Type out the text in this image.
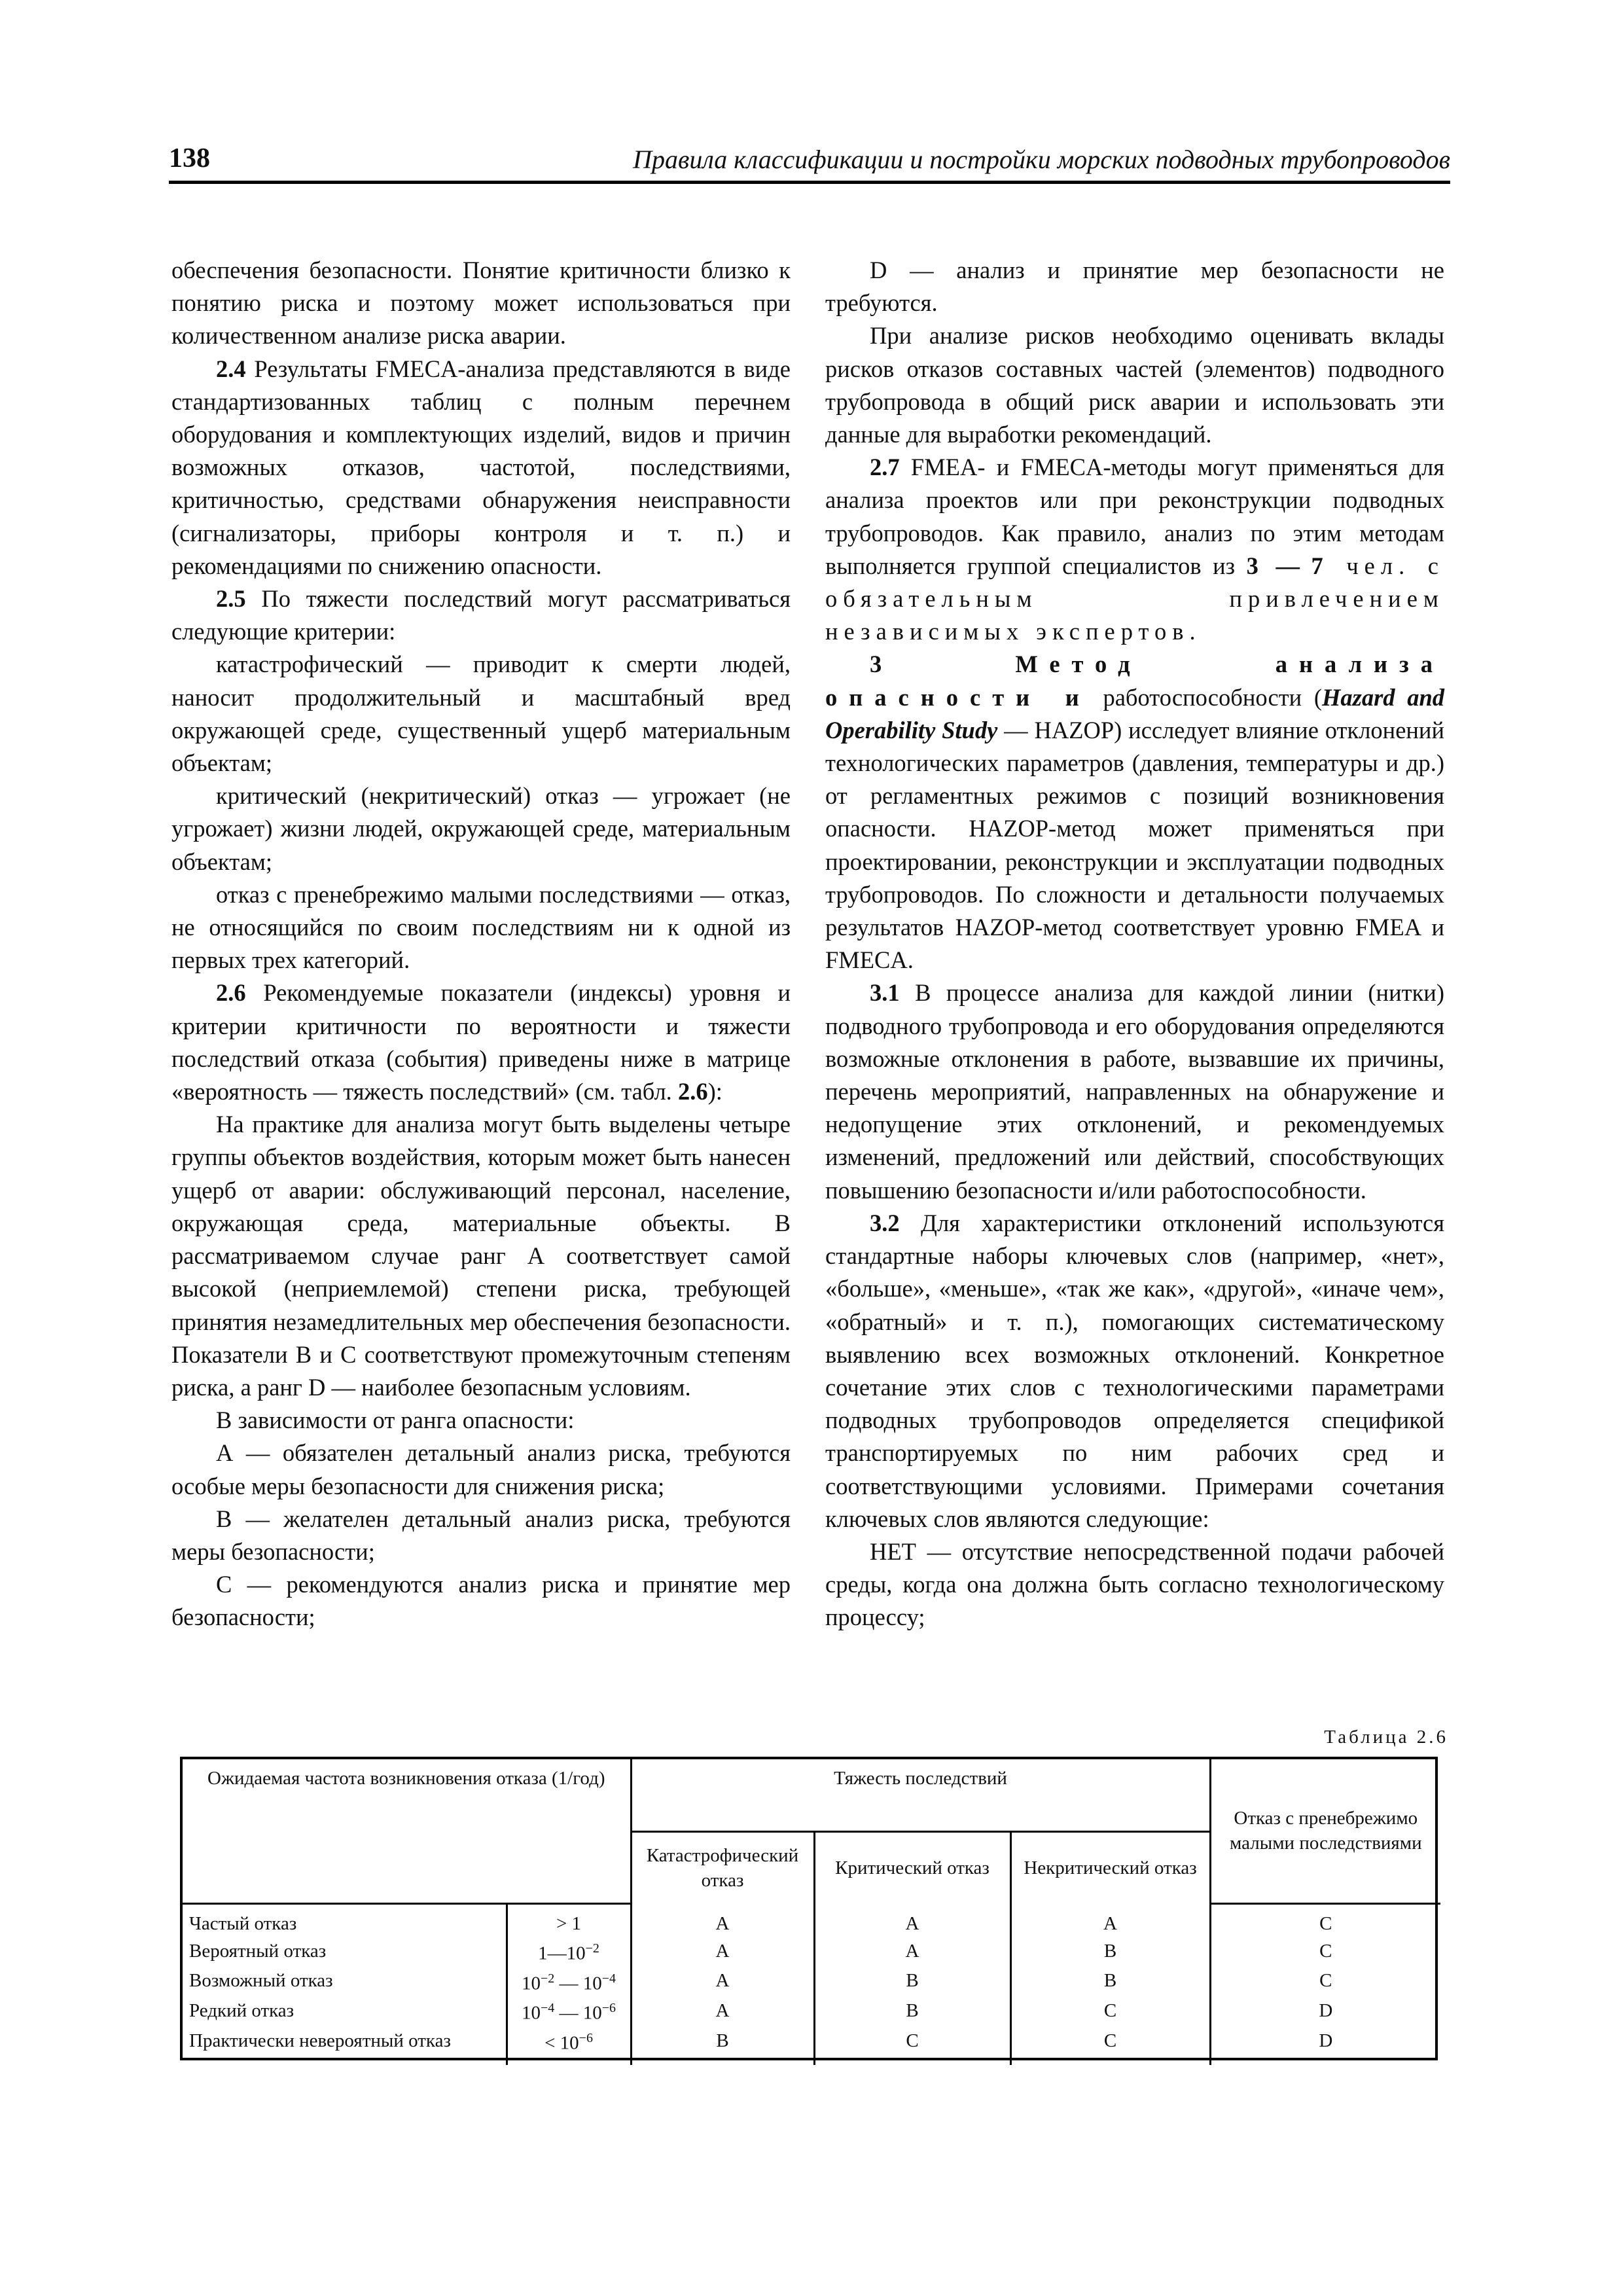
138	Правила классификации и постройки морских подводных трубопроводов

обеспечения безопасности. Понятие критичности близко к понятию риска и поэтому может использоваться при количественном анализе риска аварии.

2.4 Результаты FMECA-анализа представляются в виде стандартизованных таблиц с полным перечнем оборудования и комплектующих изделий, видов и причин возможных отказов, частотой, последствиями, критичностью, средствами обнаружения неисправности (сигнализаторы, приборы контроля и т. п.) и рекомендациями по снижению опасности.

2.5 По тяжести последствий могут рассматриваться следующие критерии:

катастрофический — приводит к смерти людей, наносит продолжительный и масштабный вред окружающей среде, существенный ущерб материальным объектам;

критический (некритический) отказ — угрожает (не угрожает) жизни людей, окружающей среде, материальным объектам;

отказ с пренебрежимо малыми последствиями — отказ, не относящийся по своим последствиям ни к одной из первых трех категорий.

2.6 Рекомендуемые показатели (индексы) уровня и критерии критичности по вероятности и тяжести последствий отказа (события) приведены ниже в матрице «вероятность — тяжесть последствий» (см. табл. 2.6):

На практике для анализа могут быть выделены четыре группы объектов воздействия, которым может быть нанесен ущерб от аварии: обслуживающий персонал, население, окружающая среда, материальные объекты. В рассматриваемом случае ранг А соответствует самой высокой (неприемлемой) степени риска, требующей принятия незамедлительных мер обеспечения безопасности. Показатели В и С соответствуют промежуточным степеням риска, а ранг D — наиболее безопасным условиям.

В зависимости от ранга опасности:

А — обязателен детальный анализ риска, требуются особые меры безопасности для снижения риска;

В — желателен детальный анализ риска, требуются меры безопасности;

С — рекомендуются анализ риска и принятие мер безопасности;

D — анализ и принятие мер безопасности не требуются.

При анализе рисков необходимо оценивать вклады рисков отказов составных частей (элементов) подводного трубопровода в общий риск аварии и использовать эти данные для выработки рекомендаций.

2.7 FMEA- и FMECA-методы могут применяться для анализа проектов или при реконструкции подводных трубопроводов. Как правило, анализ по этим методам выполняется группой специалистов из 3 — 7 чел. с обязательным привлечением независимых экспертов.

3 Метод анализа опасности и работоспособности (Hazard and Operability Study — HAZOP) исследует влияние отклонений технологических параметров (давления, температуры и др.) от регламентных режимов с позиций возникновения опасности. HAZOP-метод может применяться при проектировании, реконструкции и эксплуатации подводных трубопроводов. По сложности и детальности получаемых результатов HAZOP-метод соответствует уровню FMEA и FMECA.

3.1 В процессе анализа для каждой линии (нитки) подводного трубопровода и его оборудования определяются возможные отклонения в работе, вызвавшие их причины, перечень мероприятий, направленных на обнаружение и недопущение этих отклонений, и рекомендуемых изменений, предложений или действий, способствующих повышению безопасности и/или работоспособности.

3.2 Для характеристики отклонений используются стандартные наборы ключевых слов (например, «нет», «больше», «меньше», «так же как», «другой», «иначе чем», «обратный» и т. п.), помогающих систематическому выявлению всех возможных отклонений. Конкретное сочетание этих слов с технологическими параметрами подводных трубопроводов определяется спецификой транспортируемых по ним рабочих сред и соответствующими условиями. Примерами сочетания ключевых слов являются следующие:

НЕТ — отсутствие непосредственной подачи рабочей среды, когда она должна быть согласно технологическому процессу;

Таблица 2.6
Ожидаемая частота возникновения отказа (1/год)		Тяжесть последствий			Отказ с пренебрежимо малыми последствиями
		Катастрофический отказ	Критический отказ	Некритический отказ	

Частый отказ	> 1	A	A	A	C
Вероятный отказ	$1—10^{-2}$	A	A	B	C
Возможный отказ	$10^{-2}$ — $10^{-4}$	A	B	B	C
Редкий отказ	$10^{-4}$ — $10^{-6}$	A	B	C	D
Практически невероятный отказ	< $10^{-6}$	B	C	C	D
